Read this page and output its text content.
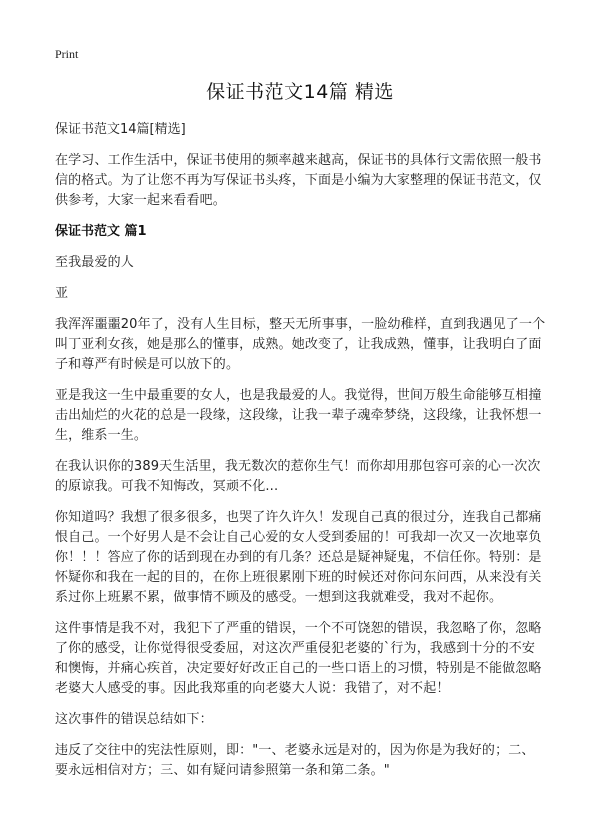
Print
保证书范文14篇 精选

保证书范文14篇[精选]

在学习、工作生活中，保证书使用的频率越来越高，保证书的具体行文需依照一般书信的格式。为了让您不再为写保证书头疼，下面是小编为大家整理的保证书范文，仅供参考，大家一起来看看吧。

保证书范文 篇1

至我最爱的人

亚

我浑浑噩噩20年了，没有人生目标，整天无所事事，一脸幼稚样，直到我遇见了一个叫丁亚利女孩，她是那么的懂事，成熟。她改变了，让我成熟，懂事，让我明白了面子和尊严有时候是可以放下的。

亚是我这一生中最重要的女人，也是我最爱的人。我觉得，世间万般生命能够互相撞击出灿烂的火花的总是一段缘，这段缘，让我一辈子魂牵梦绕，这段缘，让我怀想一生，维系一生。

在我认识你的389天生活里，我无数次的惹你生气！而你却用那包容可亲的心一次次的原谅我。可我不知悔改，冥顽不化...

你知道吗？我想了很多很多，也哭了许久许久！发现自己真的很过分，连我自己都痛恨自己。一个好男人是不会让自己心爱的女人受到委屈的！可我却一次又一次地辜负你！！！答应了你的话到现在办到的有几条？还总是疑神疑鬼，不信任你。特别：是怀疑你和我在一起的目的，在你上班很累刚下班的时候还对你问东问西，从来没有关系过你上班累不累，做事情不顾及的感受。一想到这我就难受，我对不起你。

这件事情是我不对，我犯下了严重的错误，一个不可饶恕的错误，我忽略了你，忽略了你的感受，让你觉得很受委屈，对这次严重侵犯老婆的`行为，我感到十分的不安和懊悔，并痛心疾首，决定要好好改正自己的一些口语上的习惯，特别是不能做忽略老婆大人感受的事。因此我郑重的向老婆大人说：我错了，对不起！

这次事件的错误总结如下：

违反了交往中的宪法性原则，即："一、老婆永远是对的，因为你是为我好的；二、要永远相信对方；三、如有疑问请参照第一条和第二条。"
